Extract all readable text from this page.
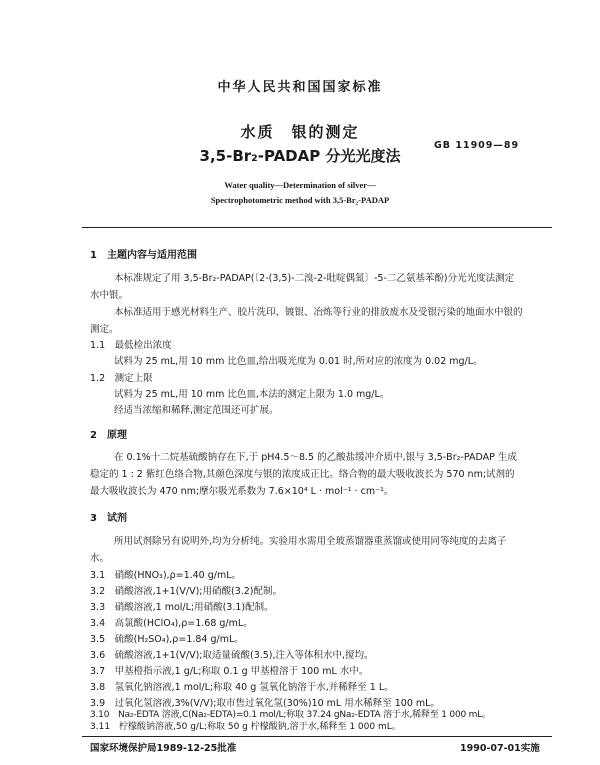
中华人民共和国国家标准
水质　银的测定
3,5-Br₂-PADAP 分光光度法
GB 11909—89
Water quality—Determination of silver—
Spectrophotometric method with 3,5-Br₂-PADAP
1　主题内容与适用范围
本标准规定了用 3,5-Br₂-PADAP(〔2-(3,5)-二溴-2-吡啶偶氮〕-5-二乙氨基苯酚)分光光度法测定
水中银。
本标准适用于感光材料生产、胶片洗印、镀银、冶炼等行业的排放废水及受银污染的地面水中银的
测定。
1.1　最低检出浓度
试料为 25 mL,用 10 mm 比色皿,给出吸光度为 0.01 时,所对应的浓度为 0.02 mg/L。
1.2　测定上限
试料为 25 mL,用 10 mm 比色皿,本法的测定上限为 1.0 mg/L。
经适当浓缩和稀释,测定范围还可扩展。
2　原理
在 0.1%十二烷基硫酸钠存在下,于 pH4.5～8.5 的乙酸盐缓冲介质中,银与 3,5-Br₂-PADAP 生成
稳定的 1 : 2 紫红色络合物,其颜色深度与银的浓度成正比。络合物的最大吸收波长为 570 nm;试剂的
最大吸收波长为 470 nm;摩尔吸光系数为 7.6×10⁴ L · mol⁻¹ · cm⁻¹。
3　试剂
所用试剂除另有说明外,均为分析纯。实验用水需用全玻蒸馏器重蒸馏或使用同等纯度的去离子
水。
3.1　硝酸(HNO₃),ρ=1.40 g/mL。
3.2　硝酸溶液,1+1(V/V);用硝酸(3.2)配制。
3.3　硝酸溶液,1 mol/L;用硝酸(3.1)配制。
3.4　高氯酸(HClO₄),ρ=1.68 g/mL。
3.5　硫酸(H₂SO₄),ρ=1.84 g/mL。
3.6　硫酸溶液,1+1(V/V);取适量硫酸(3.5),注入等体积水中,搅均。
3.7　甲基橙指示液,1 g/L;称取 0.1 g 甲基橙溶于 100 mL 水中。
3.8　氢氧化钠溶液,1 mol/L;称取 40 g 氢氧化钠溶于水,并稀释至 1 L。
3.9　过氧化氢溶液,3%(V/V);取市售过氧化氢(30%)10 mL 用水稀释至 100 mL。
3.10　Na₂-EDTA 溶液,C(Na₂-EDTA)=0.1 mol/L;称取 37.24 gNa₂-EDTA 溶于水,稀释至 1 000 mL。
国家环境保护局1989-12-25批准	1990-07-01实施
3.11　柠檬酸钠溶液,50 g/L;称取 50 g 柠檬酸钠,溶于水,稀释至 1 000 mL。
